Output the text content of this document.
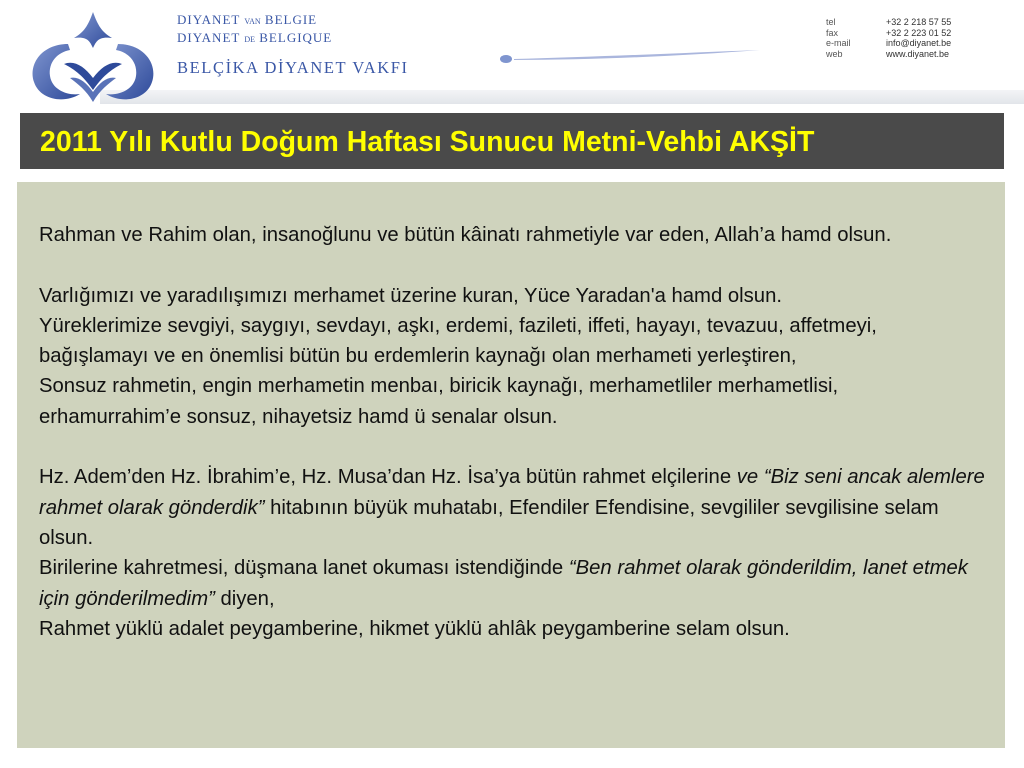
DIYANET VAN BELGIE
DIYANET DE BELGIQUE
BELÇİKA DİYANET VAKFI
tel	+32 2 218 57 55
fax	+32 2 223 01 52
e-mail	info@diyanet.be
web	www.diyanet.be
2011 Yılı Kutlu Doğum Haftası Sunucu Metni-Vehbi AKŞİT

Rahman ve Rahim olan, insanoğlunu ve bütün kâinatı rahmetiyle var eden, Allah’a hamd olsun.

Varlığımızı ve yaradılışımızı merhamet üzerine kuran, Yüce Yaradan'a hamd olsun.

Yüreklerimize sevgiyi, saygıyı, sevdayı, aşkı, erdemi, fazileti, iffeti, hayayı, tevazuu, affetmeyi, bağışlamayı ve en önemlisi bütün bu erdemlerin kaynağı olan merhameti yerleştiren,

Sonsuz rahmetin, engin merhametin menbaı, biricik kaynağı, merhametliler merhametlisi, erhamurrahim’e sonsuz, nihayetsiz hamd ü senalar olsun.

Hz. Adem’den Hz. İbrahim’e, Hz. Musa’dan Hz. İsa’ya bütün rahmet elçilerine ve “Biz seni ancak alemlere rahmet olarak gönderdik” hitabının büyük muhatabı, Efendiler Efendisine, sevgililer sevgilisine selam olsun.

Birilerine kahretmesi, düşmana lanet okuması istendiğinde “Ben rahmet olarak gönderildim, lanet etmek için gönderilmedim” diyen,

Rahmet yüklü adalet peygamberine, hikmet yüklü ahlâk peygamberine selam olsun.
